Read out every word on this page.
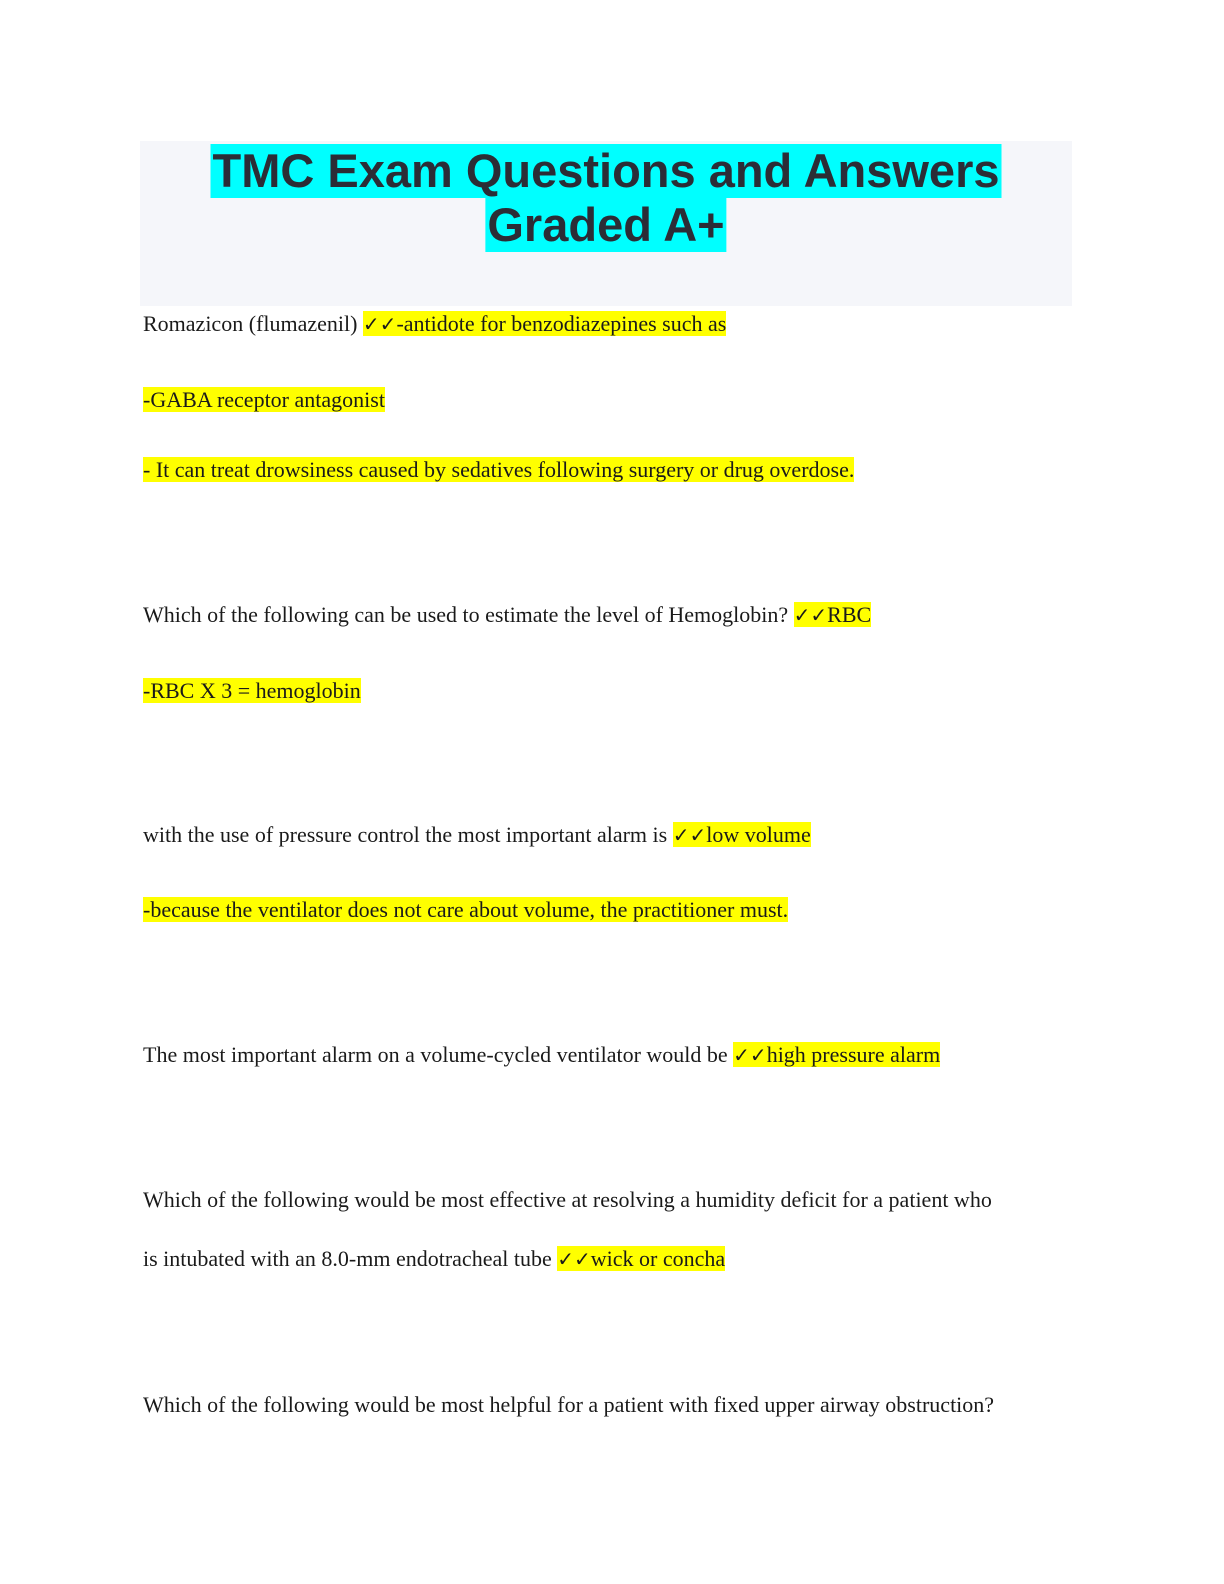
TMC Exam Questions and Answers
Graded A+
Romazicon (flumazenil) ✓✓-antidote for benzodiazepines such as
-GABA receptor antagonist
- It can treat drowsiness caused by sedatives following surgery or drug overdose.
Which of the following can be used to estimate the level of Hemoglobin? ✓✓RBC
-RBC X 3 = hemoglobin
with the use of pressure control the most important alarm is ✓✓low volume
-because the ventilator does not care about volume, the practitioner must.
The most important alarm on a volume-cycled ventilator would be ✓✓high pressure alarm
Which of the following would be most effective at resolving a humidity deficit for a patient who
is intubated with an 8.0-mm endotracheal tube ✓✓wick or concha
Which of the following would be most helpful for a patient with fixed upper airway obstruction?
